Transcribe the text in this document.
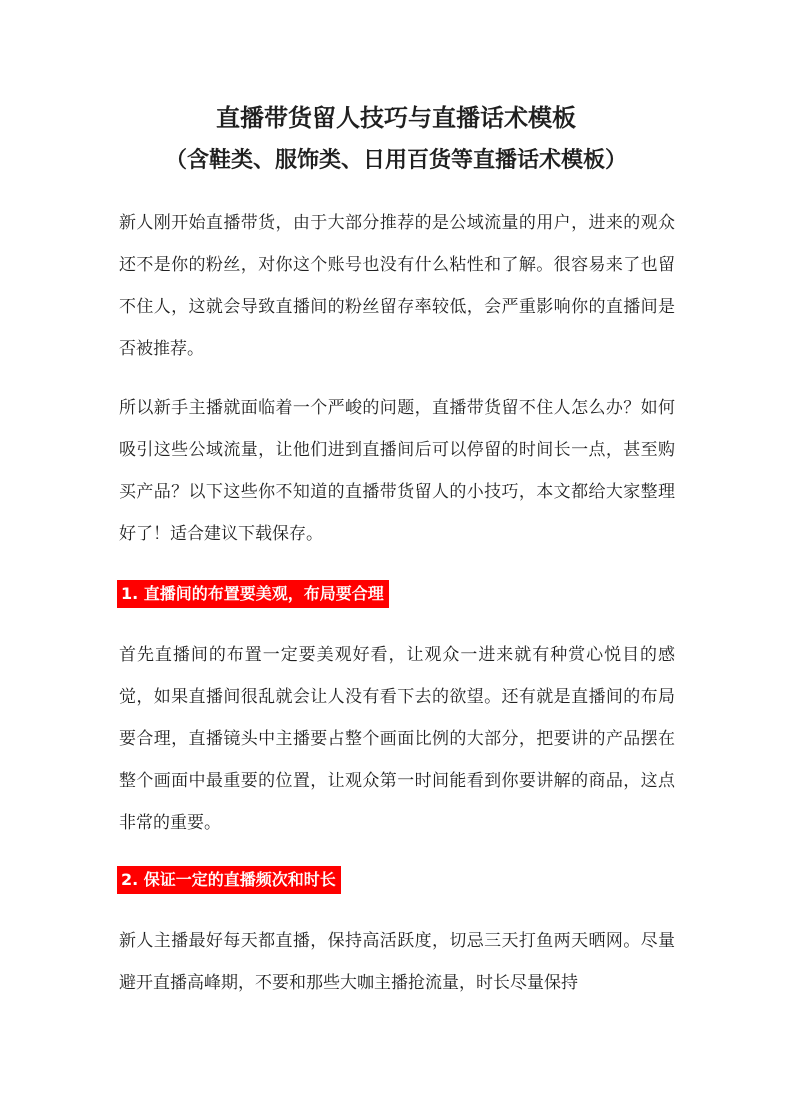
直播带货留人技巧与直播话术模板
（含鞋类、服饰类、日用百货等直播话术模板）

新人刚开始直播带货，由于大部分推荐的是公域流量的用户，进来的观众还不是你的粉丝，对你这个账号也没有什么粘性和了解。很容易来了也留不住人，这就会导致直播间的粉丝留存率较低，会严重影响你的直播间是否被推荐。

所以新手主播就面临着一个严峻的问题，直播带货留不住人怎么办？如何吸引这些公域流量，让他们进到直播间后可以停留的时间长一点，甚至购买产品？以下这些你不知道的直播带货留人的小技巧，本文都给大家整理好了！适合建议下载保存。

1. 直播间的布置要美观，布局要合理

首先直播间的布置一定要美观好看，让观众一进来就有种赏心悦目的感觉，如果直播间很乱就会让人没有看下去的欲望。还有就是直播间的布局要合理，直播镜头中主播要占整个画面比例的大部分，把要讲的产品摆在整个画面中最重要的位置，让观众第一时间能看到你要讲解的商品，这点非常的重要。

2. 保证一定的直播频次和时长

新人主播最好每天都直播，保持高活跃度，切忌三天打鱼两天晒网。尽量避开直播高峰期，不要和那些大咖主播抢流量，时长尽量保持
